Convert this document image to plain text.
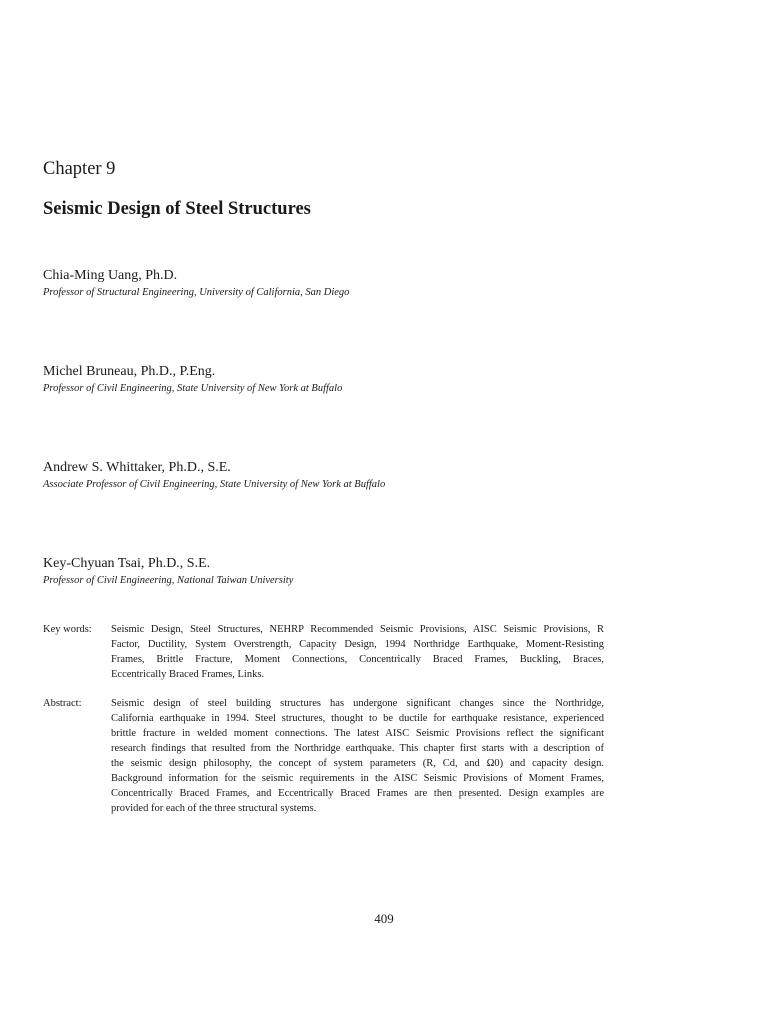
Chapter 9
Seismic Design of Steel Structures
Chia-Ming Uang, Ph.D.
Professor of Structural Engineering, University of California, San Diego
Michel Bruneau, Ph.D., P.Eng.
Professor of Civil Engineering, State University of New York at Buffalo
Andrew S. Whittaker, Ph.D., S.E.
Associate Professor of Civil Engineering, State University of New York at Buffalo
Key-Chyuan Tsai, Ph.D., S.E.
Professor of Civil Engineering, National Taiwan University
Key words: Seismic Design, Steel Structures, NEHRP Recommended Seismic Provisions, AISC Seismic Provisions, R
Factor, Ductility, System Overstrength, Capacity Design, 1994 Northridge Earthquake, Moment-Resisting
Frames, Brittle Fracture, Moment Connections, Concentrically Braced Frames, Buckling, Braces,
Eccentrically Braced Frames, Links.
Abstract:	Seismic design of steel building structures has undergone significant changes since the Northridge,
California earthquake in 1994. Steel structures, thought to be ductile for earthquake resistance, experienced
brittle fracture in welded moment connections. The latest AISC Seismic Provisions reflect the significant
research findings that resulted from the Northridge earthquake. This chapter first starts with a description of
the seismic design philosophy, the concept of system parameters (R, Cd, and Ω0) and capacity design.
Background information for the seismic requirements in the AISC Seismic Provisions of Moment Frames,
Concentrically Braced Frames, and Eccentrically Braced Frames are then presented. Design examples are
provided for each of the three structural systems.
409
